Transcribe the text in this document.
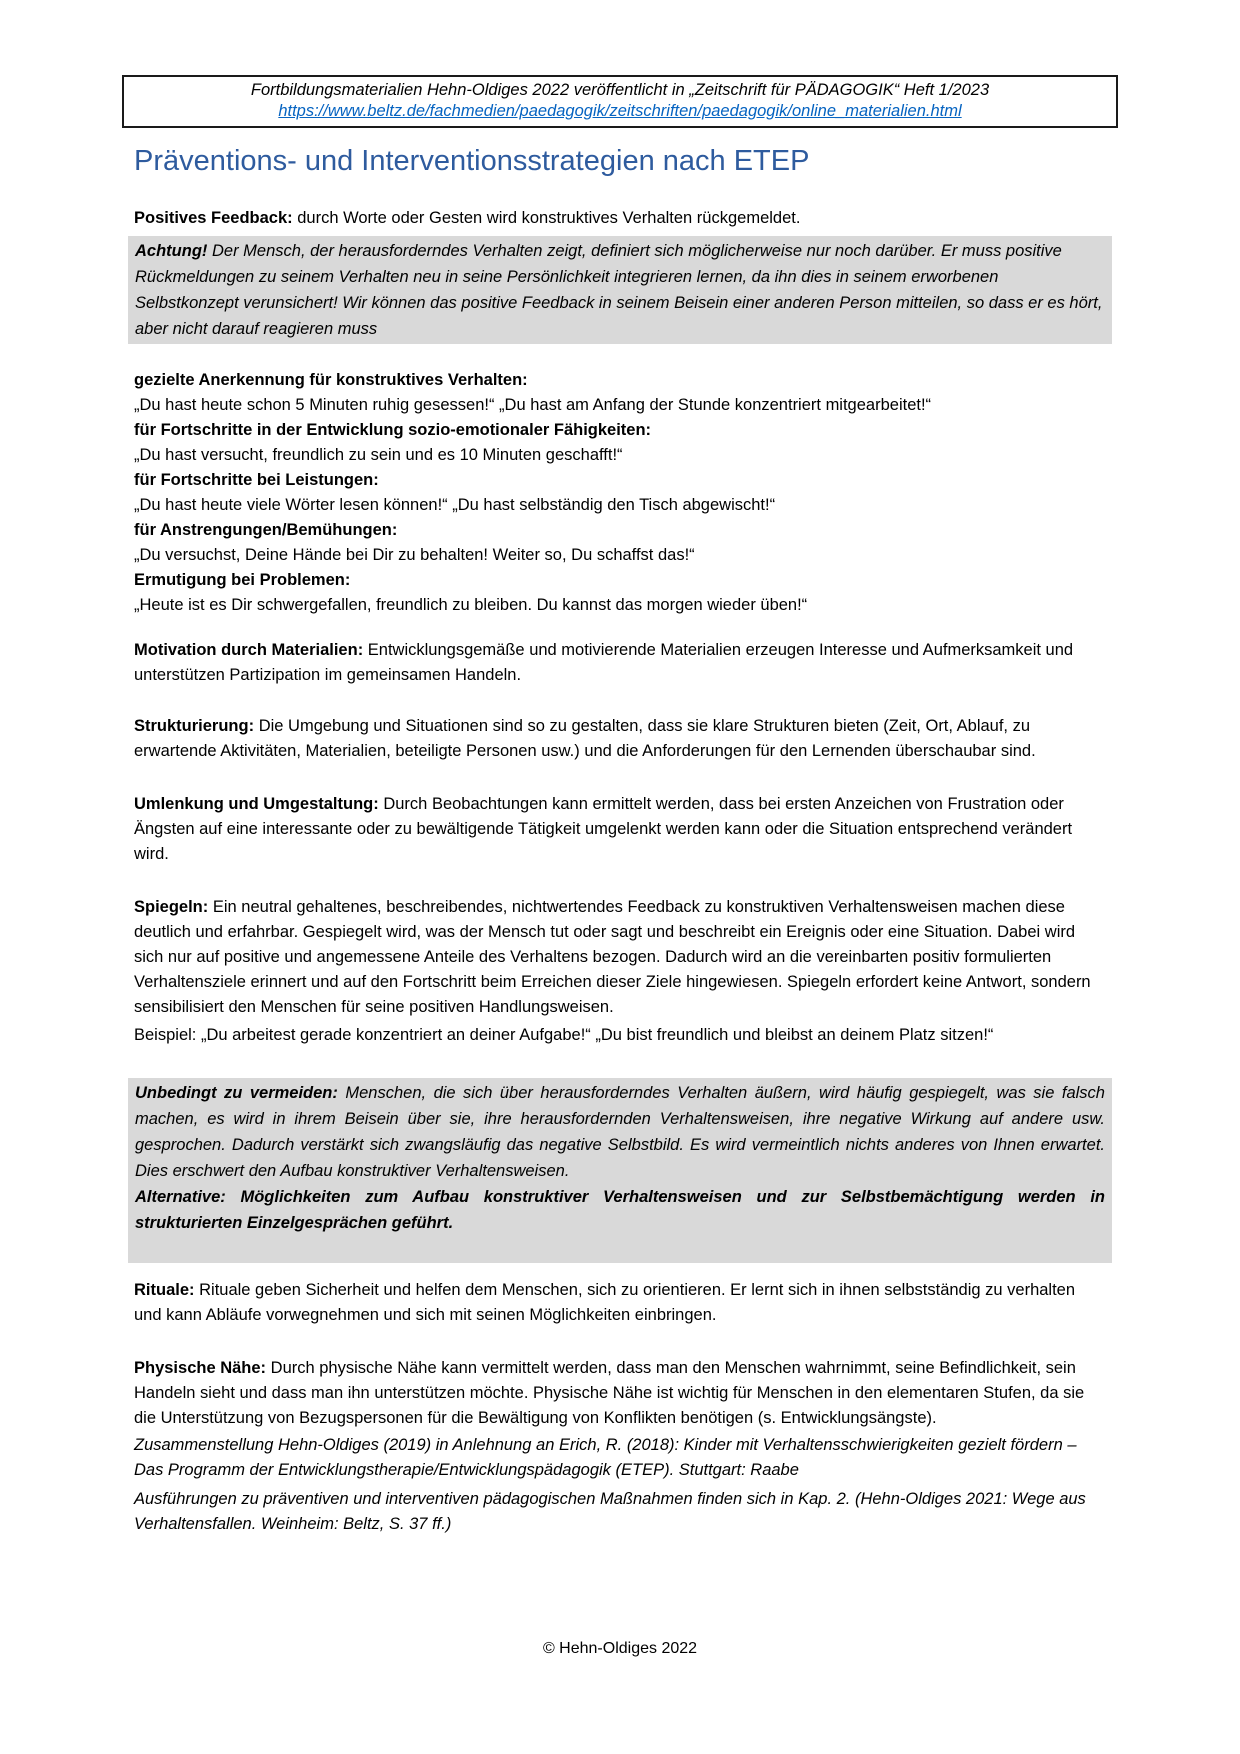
Fortbildungsmaterialien Hehn-Oldiges 2022 veröffentlicht in „Zeitschrift für PÄDAGOGIK“ Heft 1/2023
https://www.beltz.de/fachmedien/paedagogik/zeitschriften/paedagogik/online_materialien.html
Präventions- und Interventionsstrategien nach ETEP

Positives Feedback: durch Worte oder Gesten wird konstruktives Verhalten rückgemeldet.

Achtung! Der Mensch, der herausforderndes Verhalten zeigt, definiert sich möglicherweise nur noch darüber. Er muss positive Rückmeldungen zu seinem Verhalten neu in seine Persönlichkeit integrieren lernen, da ihn dies in seinem erworbenen Selbstkonzept verunsichert! Wir können das positive Feedback in seinem Beisein einer anderen Person mitteilen, so dass er es hört, aber nicht darauf reagieren muss

gezielte Anerkennung für konstruktives Verhalten:

„Du hast heute schon 5 Minuten ruhig gesessen!“ „Du hast am Anfang der Stunde konzentriert mitgearbeitet!“

für Fortschritte in der Entwicklung sozio-emotionaler Fähigkeiten:

„Du hast versucht, freundlich zu sein und es 10 Minuten geschafft!“

für Fortschritte bei Leistungen:

„Du hast heute viele Wörter lesen können!“ „Du hast selbständig den Tisch abgewischt!“

für Anstrengungen/Bemühungen:

„Du versuchst, Deine Hände bei Dir zu behalten! Weiter so, Du schaffst das!“

Ermutigung bei Problemen:

„Heute ist es Dir schwergefallen, freundlich zu bleiben. Du kannst das morgen wieder üben!“

Motivation durch Materialien: Entwicklungsgemäße und motivierende Materialien erzeugen Interesse und Aufmerksamkeit und unterstützen Partizipation im gemeinsamen Handeln.

Strukturierung: Die Umgebung und Situationen sind so zu gestalten, dass sie klare Strukturen bieten (Zeit, Ort, Ablauf, zu erwartende Aktivitäten, Materialien, beteiligte Personen usw.) und die Anforderungen für den Lernenden überschaubar sind.

Umlenkung und Umgestaltung: Durch Beobachtungen kann ermittelt werden, dass bei ersten Anzeichen von Frustration oder Ängsten auf eine interessante oder zu bewältigende Tätigkeit umgelenkt werden kann oder die Situation entsprechend verändert wird.

Spiegeln: Ein neutral gehaltenes, beschreibendes, nichtwertendes Feedback zu konstruktiven Verhaltensweisen machen diese deutlich und erfahrbar. Gespiegelt wird, was der Mensch tut oder sagt und beschreibt ein Ereignis oder eine Situation. Dabei wird sich nur auf positive und angemessene Anteile des Verhaltens bezogen. Dadurch wird an die vereinbarten positiv formulierten Verhaltensziele erinnert und auf den Fortschritt beim Erreichen dieser Ziele hingewiesen. Spiegeln erfordert keine Antwort, sondern sensibilisiert den Menschen für seine positiven Handlungsweisen.

Beispiel: „Du arbeitest gerade konzentriert an deiner Aufgabe!“ „Du bist freundlich und bleibst an deinem Platz sitzen!“

Unbedingt zu vermeiden: Menschen, die sich über herausforderndes Verhalten äußern, wird häufig gespiegelt, was sie falsch machen, es wird in ihrem Beisein über sie, ihre herausfordernden Verhaltensweisen, ihre negative Wirkung auf andere usw. gesprochen. Dadurch verstärkt sich zwangsläufig das negative Selbstbild. Es wird vermeintlich nichts anderes von Ihnen erwartet. Dies erschwert den Aufbau konstruktiver Verhaltensweisen.

Alternative: Möglichkeiten zum Aufbau konstruktiver Verhaltensweisen und zur Selbstbemächtigung werden in strukturierten Einzelgesprächen geführt.

Rituale: Rituale geben Sicherheit und helfen dem Menschen, sich zu orientieren. Er lernt sich in ihnen selbstständig zu verhalten und kann Abläufe vorwegnehmen und sich mit seinen Möglichkeiten einbringen.

Physische Nähe: Durch physische Nähe kann vermittelt werden, dass man den Menschen wahrnimmt, seine Befindlichkeit, sein Handeln sieht und dass man ihn unterstützen möchte. Physische Nähe ist wichtig für Menschen in den elementaren Stufen, da sie die Unterstützung von Bezugspersonen für die Bewältigung von Konflikten benötigen (s. Entwicklungsängste).

Zusammenstellung Hehn-Oldiges (2019) in Anlehnung an Erich, R. (2018): Kinder mit Verhaltensschwierigkeiten gezielt fördern – Das Programm der Entwicklungstherapie/Entwicklungspädagogik (ETEP). Stuttgart: Raabe

Ausführungen zu präventiven und interventiven pädagogischen Maßnahmen finden sich in Kap. 2. (Hehn-Oldiges 2021: Wege aus Verhaltensfallen. Weinheim: Beltz, S. 37 ff.)

© Hehn-Oldiges 2022
